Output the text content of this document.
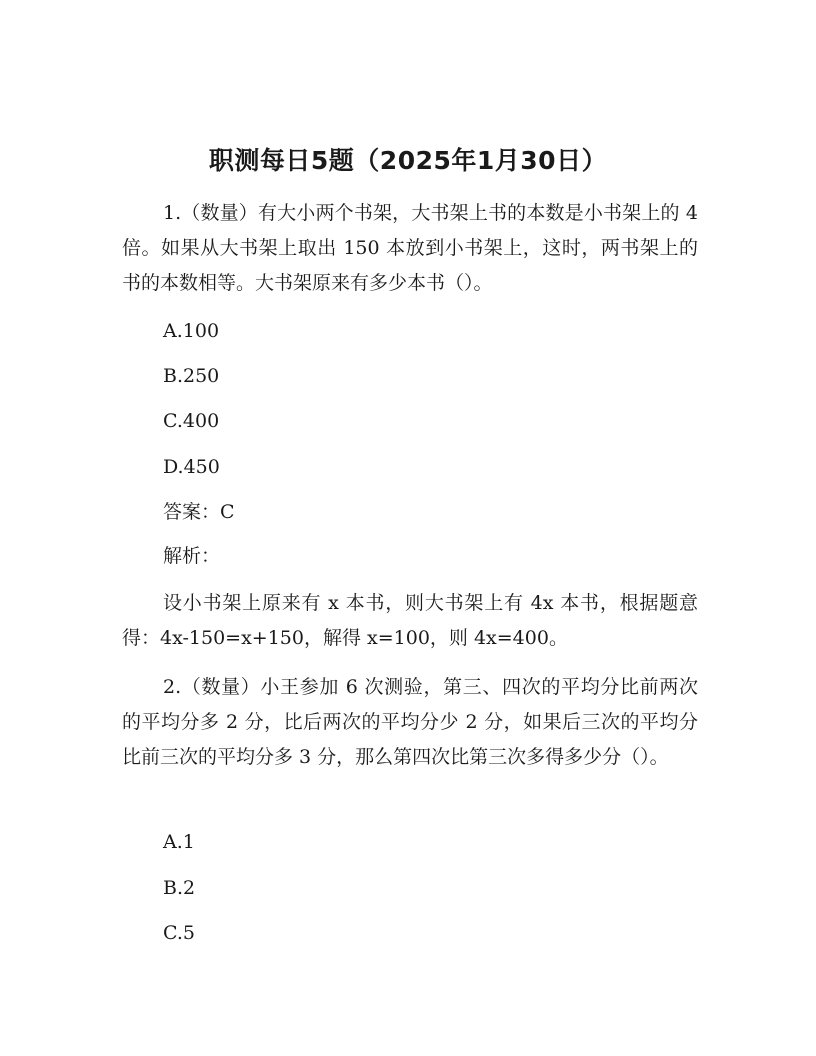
职测每日5题（2025年1月30日）

1.（数量）有大小两个书架，大书架上书的本数是小书架上的 4 倍。如果从大书架上取出 150 本放到小书架上，这时，两书架上的书的本数相等。大书架原来有多少本书（）。

A.100

B.250

C.400

D.450

答案：C

解析：

设小书架上原来有 x 本书，则大书架上有 4x 本书，根据题意得：4x-150=x+150，解得 x=100，则 4x=400。

2.（数量）小王参加 6 次测验，第三、四次的平均分比前两次的平均分多 2 分，比后两次的平均分少 2 分，如果后三次的平均分比前三次的平均分多 3 分，那么第四次比第三次多得多少分（）。

A.1

B.2

C.5
